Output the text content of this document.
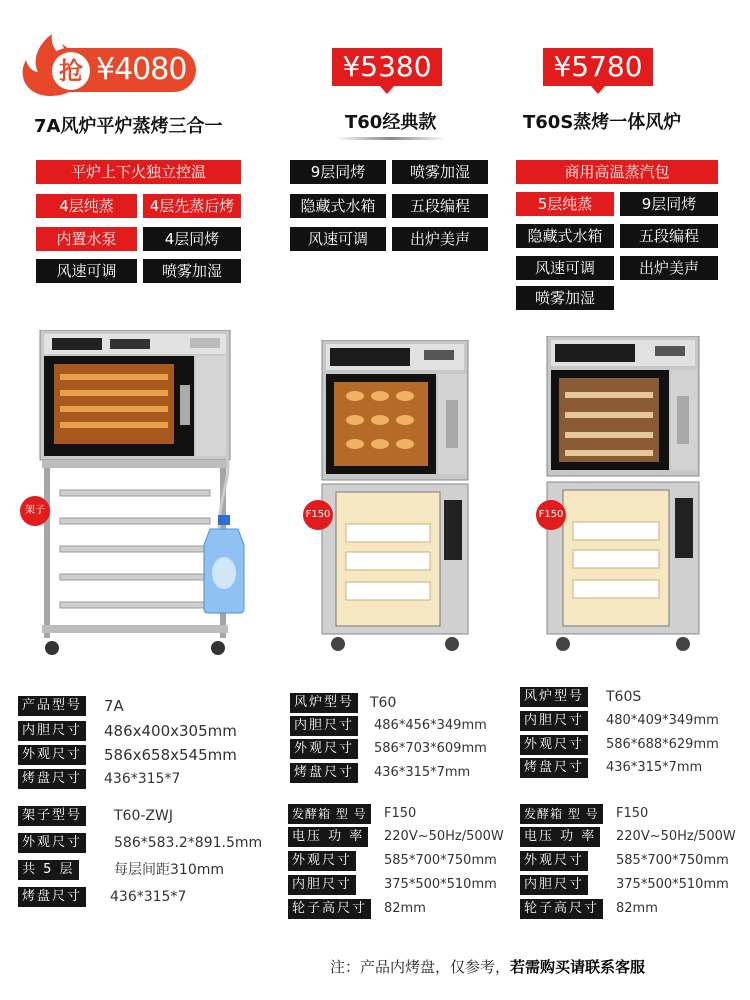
¥4080
抢
7A风炉平炉蒸烤三合一
¥5380
T60经典款
¥5780
T60S蒸烤一体风炉
平炉上下火独立控温
4层纯蒸	4层先蒸后烤
内置水泵	4层同烤
风速可调	喷雾加湿
9层同烤	喷雾加湿
隐藏式水箱	五段编程
风速可调	出炉美声
商用高温蒸汽包
5层纯蒸	9层同烤
隐藏式水箱	五段编程
风速可调	出炉美声
喷雾加湿
架子	F150	F150
产品型号 7A
内胆尺寸 486x400x305mm
外观尺寸 586x658x545mm
烤盘尺寸 436*315*7
架子型号 T60-ZWJ
外观尺寸 586*583.2*891.5mm
共 5 层	每层间距310mm
烤盘尺寸 436*315*7
风炉型号 T60
内胆尺寸	486*456*349mm
外观尺寸	586*703*609mm
烤盘尺寸	436*315*7mm
发酵箱 型 号	F150
电压 功 率	220V~50Hz/500W
外观尺寸	585*700*750mm
内胆尺寸	375*500*510mm
轮子高尺寸	82mm
风炉型号 T60S
内胆尺寸	480*409*349mm
外观尺寸	586*688*629mm
烤盘尺寸	436*315*7mm
发酵箱 型 号	F150
电压 功 率	220V~50Hz/500W
外观尺寸	585*700*750mm
内胆尺寸	375*500*510mm
轮子高尺寸	82mm
注：产品内烤盘，仅参考，若需购买请联系客服
